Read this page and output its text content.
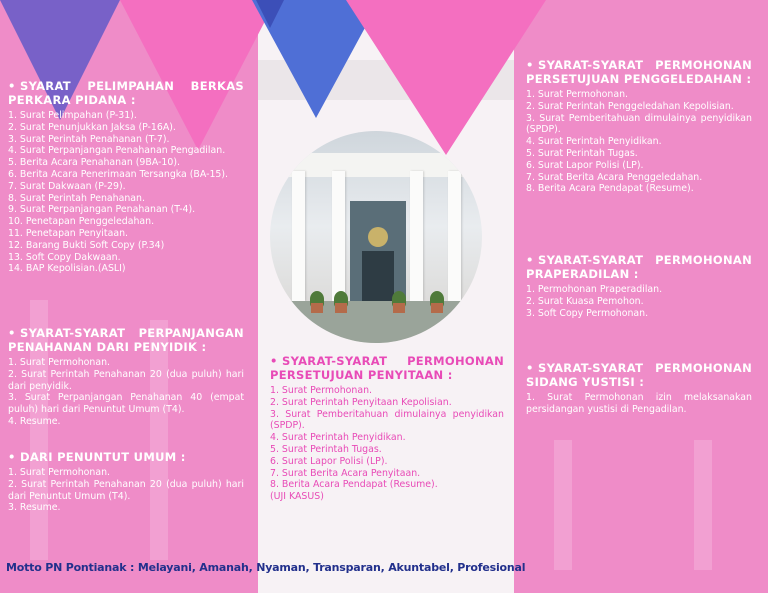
• SYARAT PELIMPAHAN BERKAS PERKARA PIDANA :

1. Surat Pelimpahan (P-31).
2. Surat Penunjukkan Jaksa (P-16A).
3. Surat Perintah Penahanan (T-7).
4. Surat Perpanjangan Penahanan Pengadilan.
5. Berita Acara Penahanan (9BA-10).
6. Berita Acara Penerimaan Tersangka (BA-15).
7. Surat Dakwaan (P-29).
8. Surat Perintah Penahanan.
9. Surat Perpanjangan Penahanan (T-4).
10. Penetapan Penggeledahan.
11. Penetapan Penyitaan.
12. Barang Bukti Soft Copy (P.34)
13. Soft Copy Dakwaan.
14. BAP Kepolisian.(ASLI)

• SYARAT-SYARAT PERPANJANGAN PENAHANAN DARI PENYIDIK :

1. Surat Permohonan.
2. Surat Perintah Penahanan 20 (dua puluh) hari dari penyidik.
3. Surat Perpanjangan Penahanan 40 (empat puluh) hari dari Penuntut Umum (T4).
4. Resume.

• DARI PENUNTUT UMUM :

1. Surat Permohonan.
2. Surat Perintah Penahanan 20 (dua puluh) hari dari Penuntut Umum (T4).
3. Resume.

• SYARAT-SYARAT PERMOHONAN PERSETUJUAN PENYITAAN :

1. Surat Permohonan.
2. Surat Perintah Penyitaan Kepolisian.
3. Surat Pemberitahuan dimulainya penyidikan (SPDP).
4. Surat Perintah Penyidikan.
5. Surat Perintah Tugas.
6. Surat Lapor Polisi (LP).
7. Surat Berita Acara Penyitaan.
8. Berita Acara Pendapat (Resume).
(UJI KASUS)

• SYARAT-SYARAT PERMOHONAN PERSETUJUAN PENGGELEDAHAN :

1. Surat Permohonan.
2. Surat Perintah Penggeledahan Kepolisian.
3. Surat Pemberitahuan dimulainya penyidikan (SPDP).
4. Surat Perintah Penyidikan.
5. Surat Perintah Tugas.
6. Surat Lapor Polisi (LP).
7. Surat Berita Acara Penggeledahan.
8. Berita Acara Pendapat (Resume).

• SYARAT-SYARAT PERMOHONAN PRAPERADILAN :

1. Permohonan Praperadilan.
2. Surat Kuasa Pemohon.
3. Soft Copy Permohonan.

• SYARAT-SYARAT PERMOHONAN SIDANG YUSTISI :

1. Surat Permohonan izin melaksanakan persidangan yustisi di Pengadilan.
Motto PN Pontianak : Melayani, Amanah, Nyaman, Transparan, Akuntabel, Profesional
